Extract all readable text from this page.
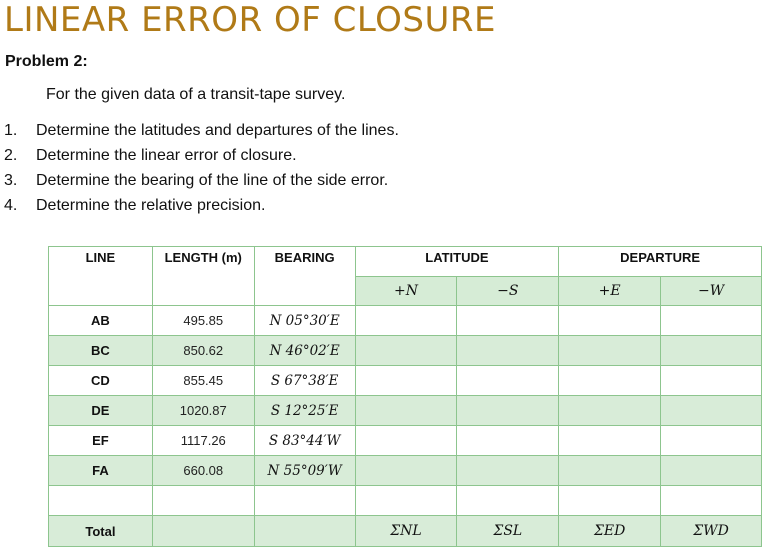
LINEAR ERROR OF CLOSURE
Problem 2:
For the given data of a transit-tape survey.
1.	Determine the latitudes and departures of the lines.
2.	Determine the linear error of closure.
3.	Determine the bearing of the line of the side error.
4.	Determine the relative precision.
LINE	LENGTH (m)	BEARING	LATITUDE		DEPARTURE	
			+N	−S	+E	−W
AB	495.85	N 05°30′E				
BC	850.62	N 46°02′E				
CD	855.45	S 67°38′E				
DE	1020.87	S 12°25′E				
EF	1117.26	S 83°44′W				
FA	660.08	N 55°09′W				

Total			ΣNL	ΣSL	ΣED	ΣWD
